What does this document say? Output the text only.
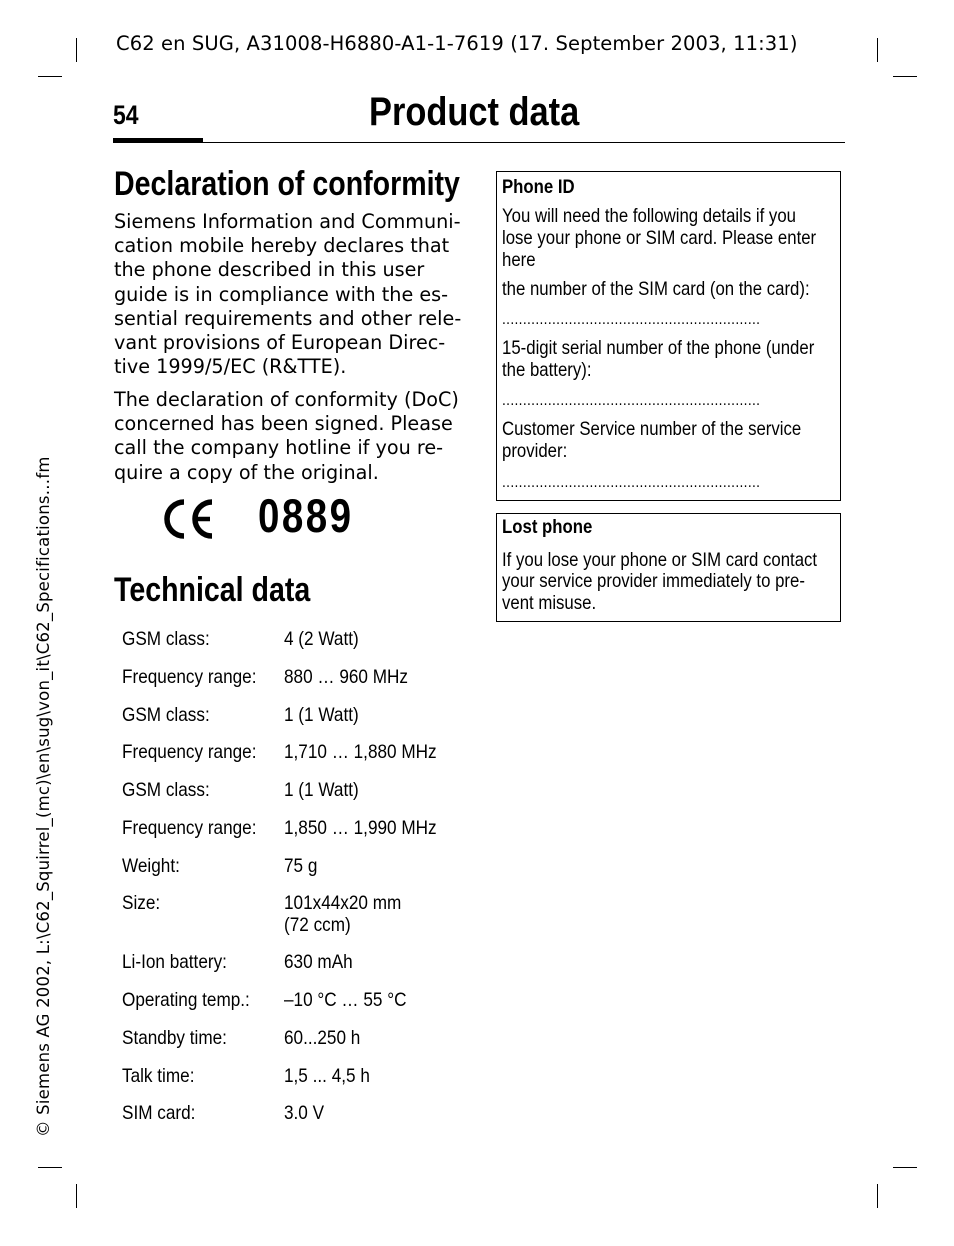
C62 en SUG, A31008-H6880-A1-1-7619 (17. September 2003, 11:31)
54	Product data
© Siemens AG 2002, L:\C62_Squirrel_(mc)\en\sug\von_it\C62_Specifications…fm
Declaration of conformity
Siemens Information and Communi-
cation mobile hereby declares that
the phone described in this user
guide is in compliance with the es-
sential requirements and other rele-
vant provisions of European Direc-
tive 1999/5/EC (R&TTE).
The declaration of conformity (DoC)
concerned has been signed. Please
call the company hotline if you re-
quire a copy of the original.
0889
Technical data
GSM class:	4 (2 Watt)
Frequency range: 880 … 960 MHz
GSM class:	1 (1 Watt)
Frequency range: 1,710 … 1,880 MHz
GSM class:	1 (1 Watt)
Frequency range: 1,850 … 1,990 MHz
Weight:	75 g
Size:	101x44x20 mm
(72 ccm)
Li-Ion battery:	630 mAh
Operating temp.: –10 °C … 55 °C
Standby time:	60...250 h
Talk time:	1,5 ... 4,5 h
SIM card:	3.0 V
Phone ID
You will need the following details if you
lose your phone or SIM card. Please enter
here
the number of the SIM card (on the card):
..............................................................
15-digit serial number of the phone (under
the battery):
..............................................................
Customer Service number of the service
provider:
..............................................................
Lost phone
If you lose your phone or SIM card contact
your service provider immediately to pre-
vent misuse.
